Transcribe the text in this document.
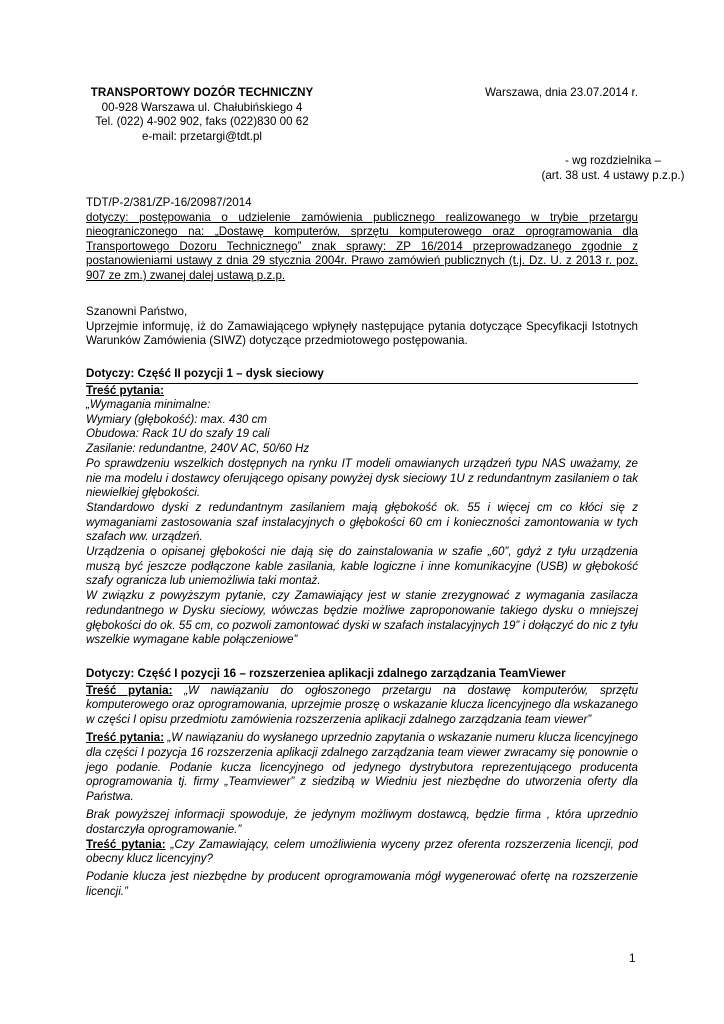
TRANSPORTOWY DOZÓR TECHNICZNY
00-928 Warszawa ul. Chałubińskiego 4
Tel. (022) 4-902 902, faks (022)830 00 62
e-mail: przetargi@tdt.pl
Warszawa, dnia 23.07.2014 r.
TDT/P-2/381/ZP-16/20987/2014
dotyczy: postępowania o udzielenie zamówienia publicznego realizowanego w trybie przetargu nieograniczonego na: „Dostawę komputerów, sprzętu komputerowego oraz oprogramowania dla Transportowego Dozoru Technicznego” znak sprawy: ZP 16/2014 przeprowadzanego zgodnie z postanowieniami ustawy z dnia 29 stycznia 2004r. Prawo zamówień publicznych (t.j. Dz. U. z 2013 r. poz. 907 ze zm.) zwanej dalej ustawą p.z.p.

Szanowni Państwo,

Uprzejmie informuję, iż do Zamawiającego wpłynęły następujące pytania dotyczące Specyfikacji Istotnych Warunków Zamówienia (SIWZ) dotyczące przedmiotowego postępowania.

Dotyczy: Część II pozycji 1 – dysk sieciowy
Treść pytania:
„Wymagania minimalne:
Wymiary (głębokość): max. 430 cm
Obudowa: Rack 1U do szafy 19 cali
Zasilanie: redundantne, 240V AC, 50/60 Hz
Po sprawdzeniu wszelkich dostępnych na rynku IT modeli omawianych urządzeń typu NAS uważamy, ze nie ma modelu i dostawcy oferującego opisany powyżej dysk sieciowy 1U z redundantnym zasilaniem o tak niewielkiej głębokości.
Standardowo dyski z redundantnym zasilaniem mają głębokość ok. 55 i więcej cm co kłóci się z wymaganiami zastosowania szaf instalacyjnych o głębokości 60 cm i konieczności zamontowania w tych szafach ww. urządzeń.
Urządzenia o opisanej głębokości nie dają się do zainstalowania w szafie „60”, gdyż z tyłu urządzenia muszą być jeszcze podłączone kable zasilania, kable logiczne i inne komunikacyjne (USB) w głębokość szafy ogranicza lub uniemożliwia taki montaż.
W związku z powyższym pytanie, czy Zamawiający jest w stanie zrezygnować z wymagania zasilacza redundantnego w Dysku sieciowy, wówczas będzie możliwe zaproponowanie takiego dysku o mniejszej głębokości do ok. 55 cm, co pozwoli zamontować dyski w szafach instalacyjnych 19” i dołączyć do nic z tyłu wszelkie wymagane kable połączeniowe”
Dotyczy: Część I pozycji 16 – rozszerzeniea aplikacji zdalnego zarządzania TeamViewer
Treść pytania: „W nawiązaniu do ogłoszonego przetargu na dostawę komputerów, sprzętu komputerowego oraz oprogramowania, uprzejmie proszę o wskazanie klucza licencyjnego dla wskazanego w części I opisu przedmiotu zamówienia rozszerzenia aplikacji zdalnego zarządzania team viewer”
Treść pytania: „W nawiązaniu do wysłanego uprzednio zapytania o wskazanie numeru klucza licencyjnego dla części I pozycja 16 rozszerzenia aplikacji zdalnego zarządzania team viewer zwracamy się ponownie o jego podanie. Podanie kucza licencyjnego od jedynego dystrybutora reprezentującego producenta oprogramowania tj. firmy „Teamviewer” z siedzibą w Wiedniu jest niezbędne do utworzenia oferty dla Państwa.
Brak powyższej informacji spowoduje, że jedynym możliwym dostawcą, będzie firma , która uprzednio dostarczyła oprogramowanie.”
Treść pytania: „Czy Zamawiający, celem umożliwienia wyceny przez oferenta rozszerzenia licencji, pod obecny klucz licencyjny?
Podanie klucza jest niezbędne by producent oprogramowania mógł wygenerować ofertę na rozszerzenie licencji.”
- wg rozdzielnika –
(art. 38 ust. 4 ustawy p.z.p.)
1
